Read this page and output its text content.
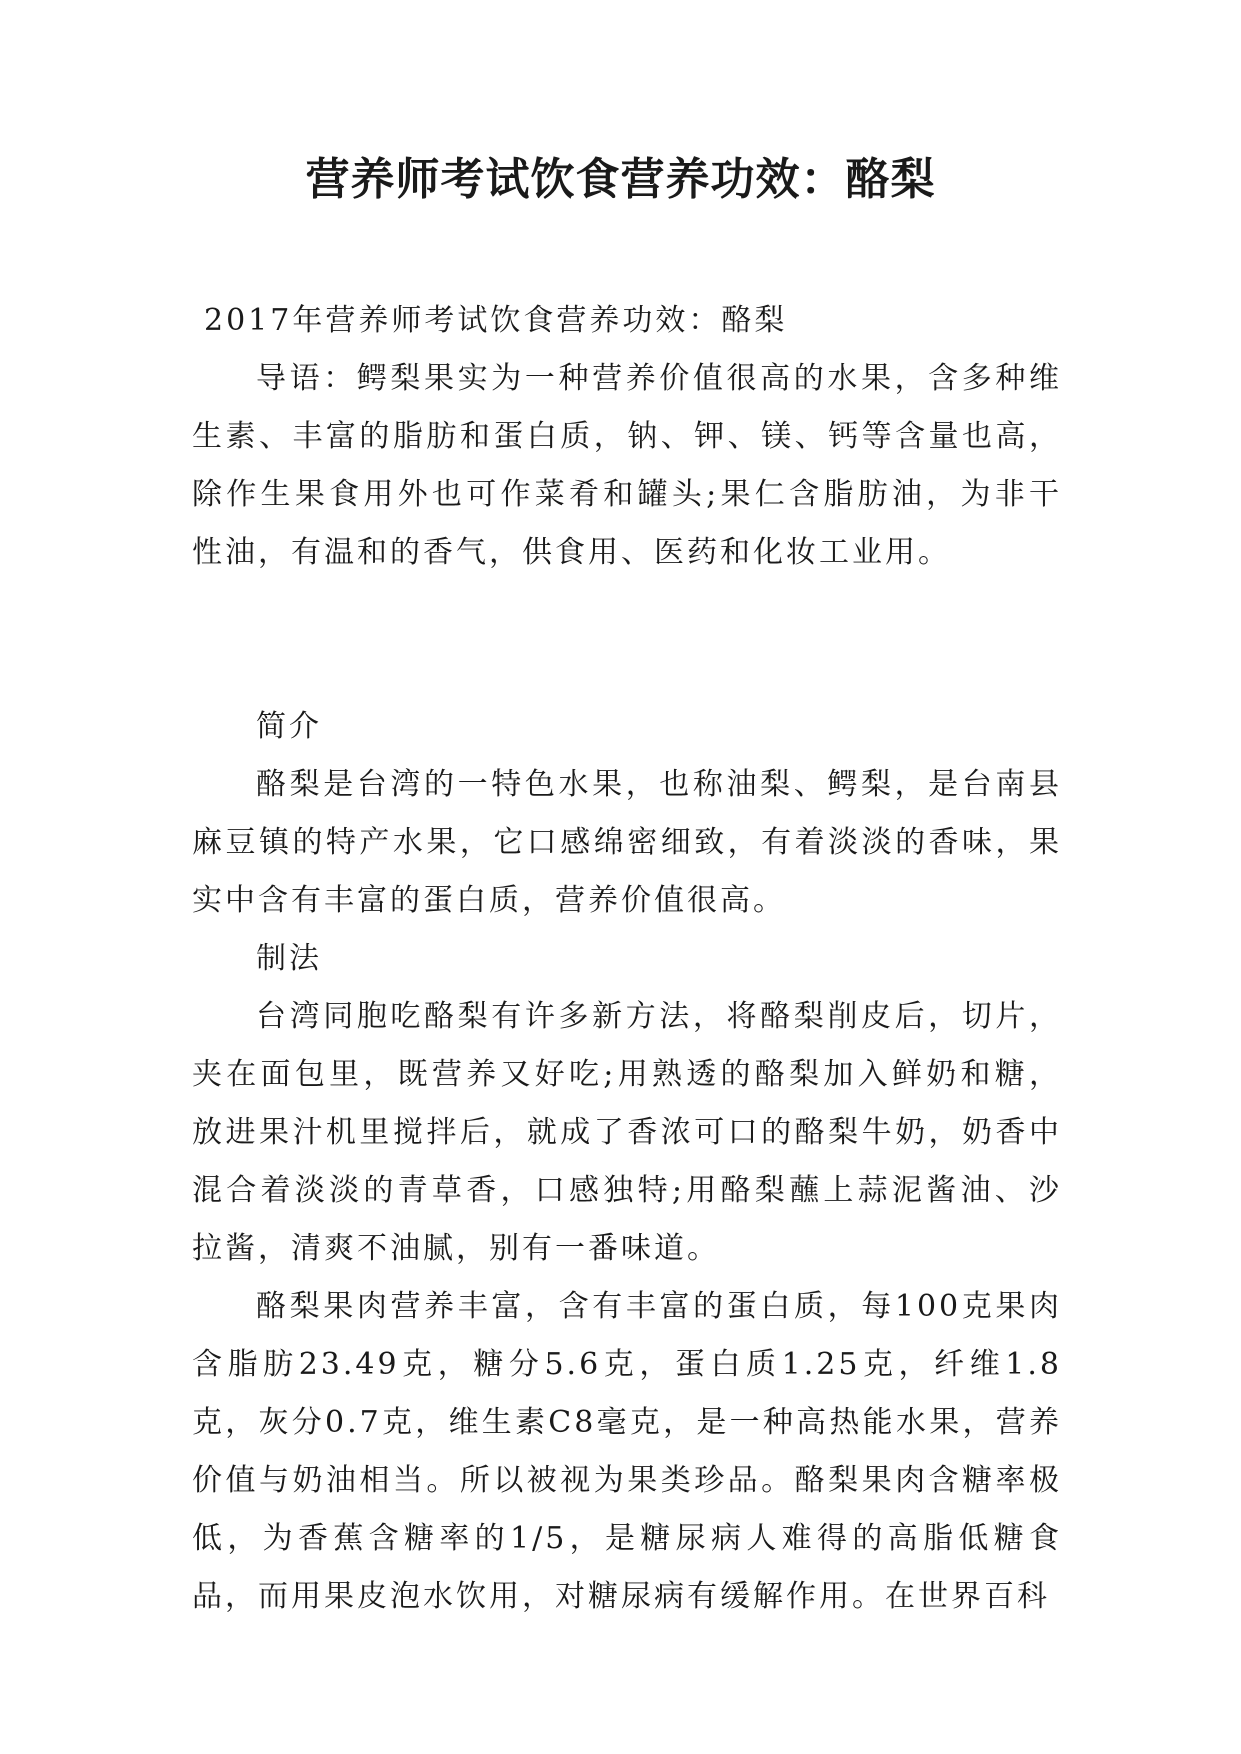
营养师考试饮食营养功效：酪梨

2017年营养师考试饮食营养功效：酪梨

导语：鳄梨果实为一种营养价值很高的水果，含多种维生素、丰富的脂肪和蛋白质，钠、钾、镁、钙等含量也高，除作生果食用外也可作菜肴和罐头;果仁含脂肪油，为非干性油，有温和的香气，供食用、医药和化妆工业用。

简介

酪梨是台湾的一特色水果，也称油梨、鳄梨，是台南县麻豆镇的特产水果，它口感绵密细致，有着淡淡的香味，果实中含有丰富的蛋白质，营养价值很高。

制法

台湾同胞吃酪梨有许多新方法，将酪梨削皮后，切片，夹在面包里，既营养又好吃;用熟透的酪梨加入鲜奶和糖，放进果汁机里搅拌后，就成了香浓可口的酪梨牛奶，奶香中混合着淡淡的青草香，口感独特;用酪梨蘸上蒜泥酱油、沙拉酱，清爽不油腻，别有一番味道。

酪梨果肉营养丰富，含有丰富的蛋白质，每100克果肉含脂肪23.49克，糖分5.6克，蛋白质1.25克，纤维1.8克，灰分0.7克，维生素C8毫克，是一种高热能水果，营养价值与奶油相当。所以被视为果类珍品。酪梨果肉含糖率极低，为香蕉含糖率的1/5，是糖尿病人难得的高脂低糖食品，而用果皮泡水饮用，对糖尿病有缓解作用。在世界百科
